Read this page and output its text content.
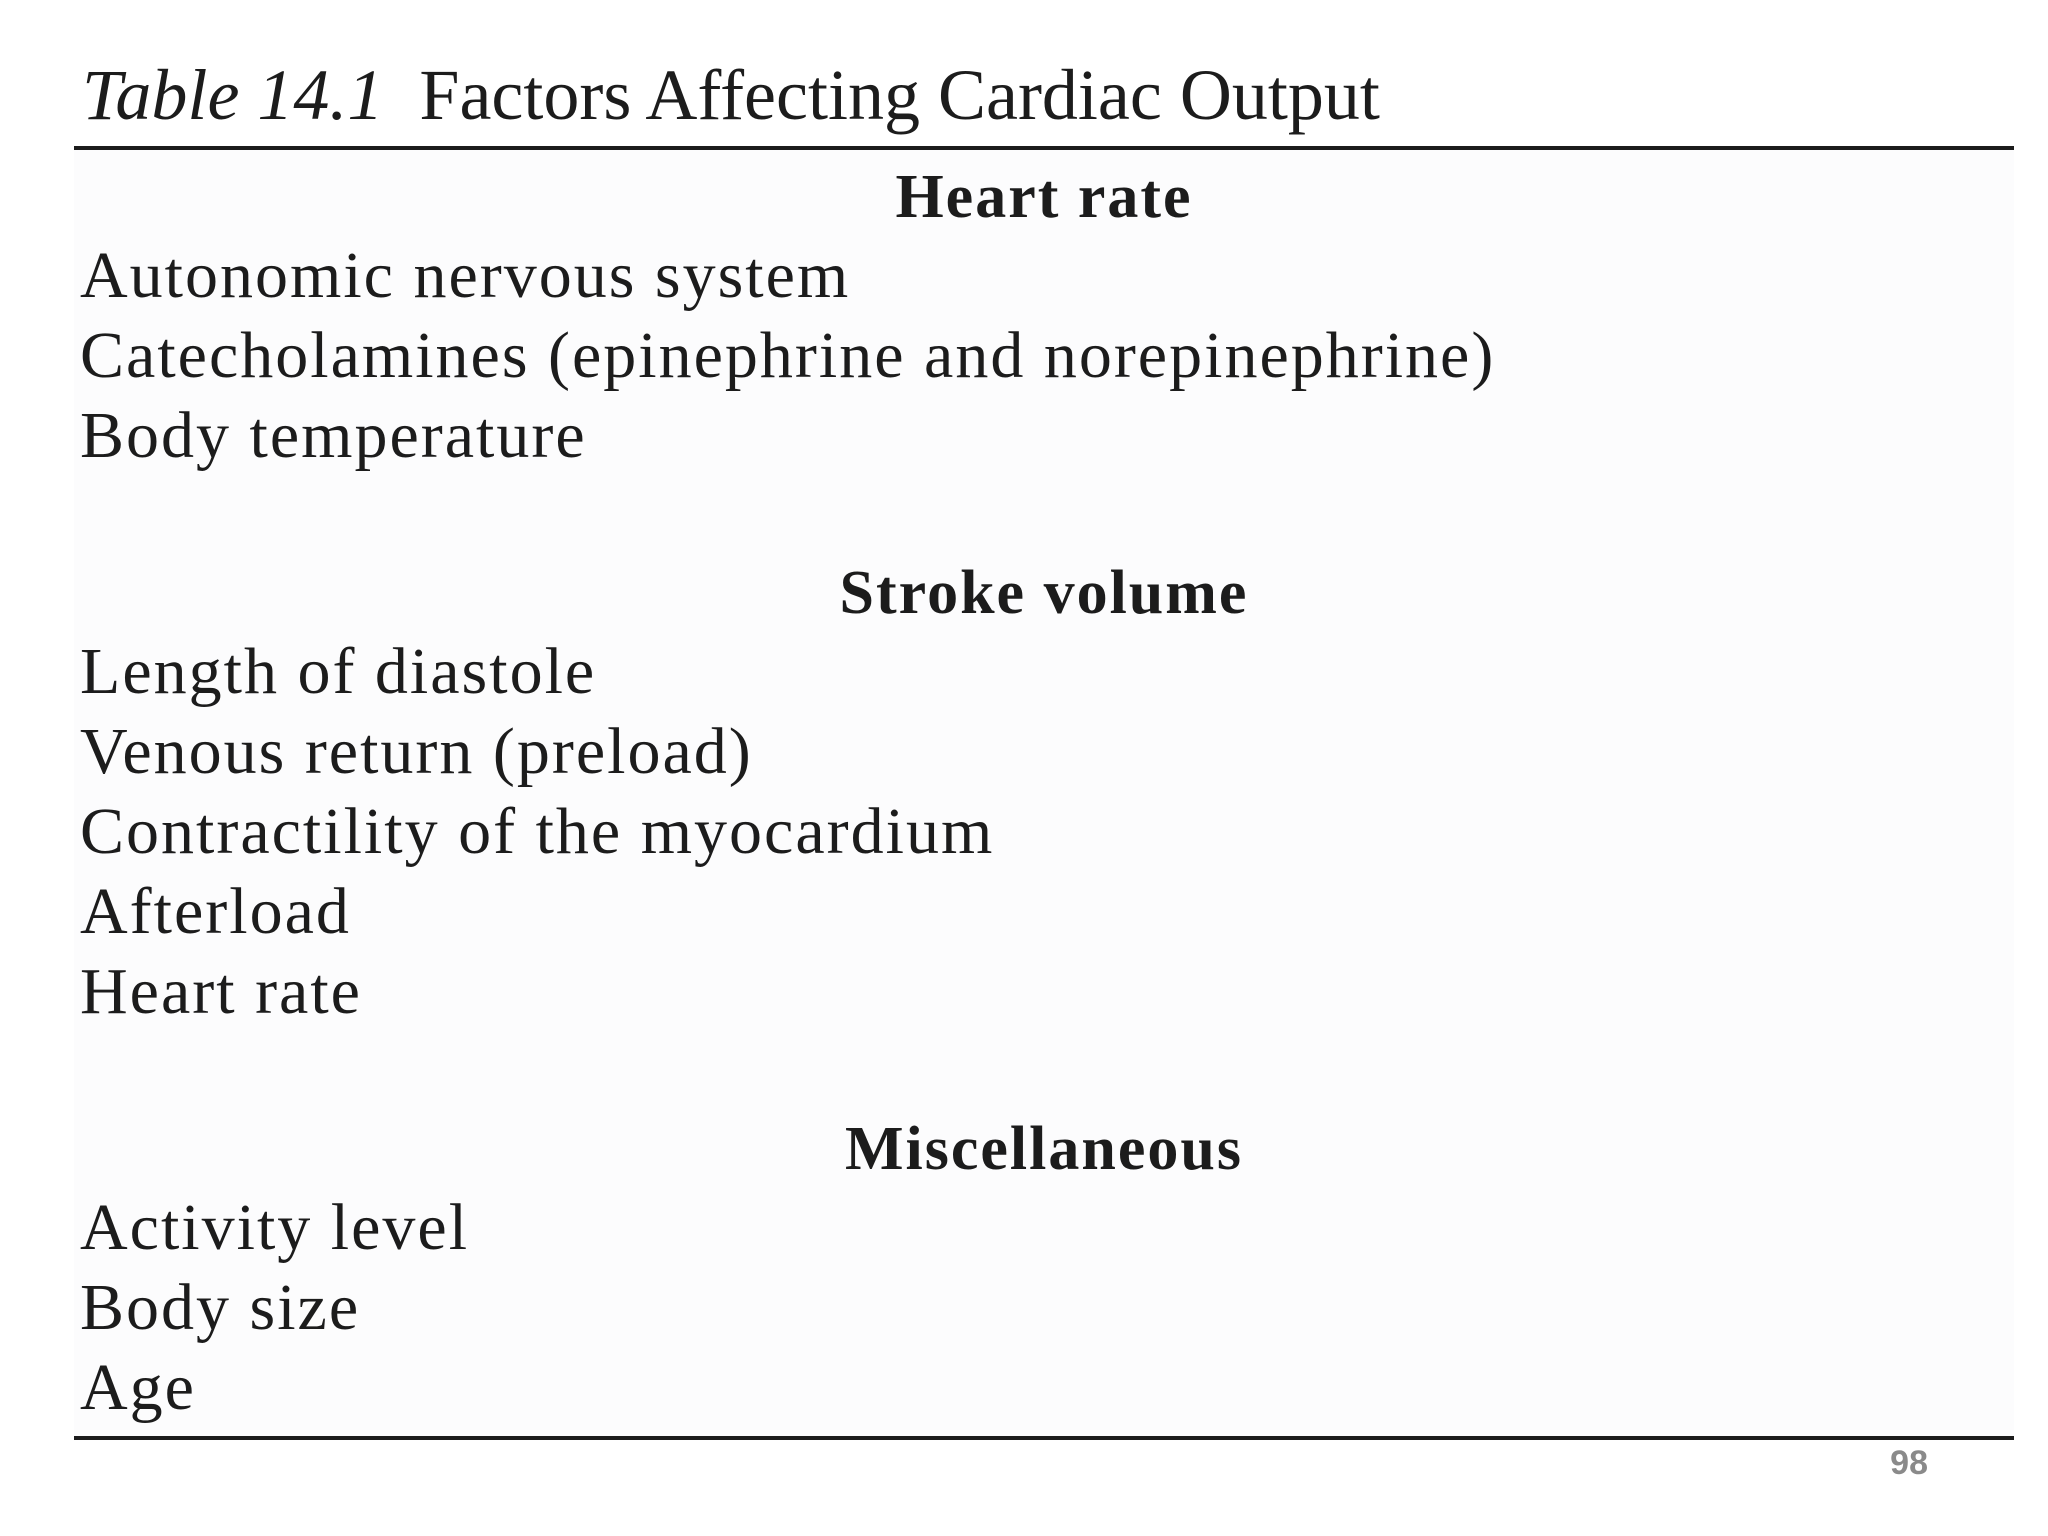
Table 14.1 Factors Affecting Cardiac Output
Heart rate
Autonomic nervous system
Catecholamines (epinephrine and norepinephrine)
Body temperature
Stroke volume
Length of diastole
Venous return (preload)
Contractility of the myocardium
Afterload
Heart rate
Miscellaneous
Activity level
Body size
Age
98
